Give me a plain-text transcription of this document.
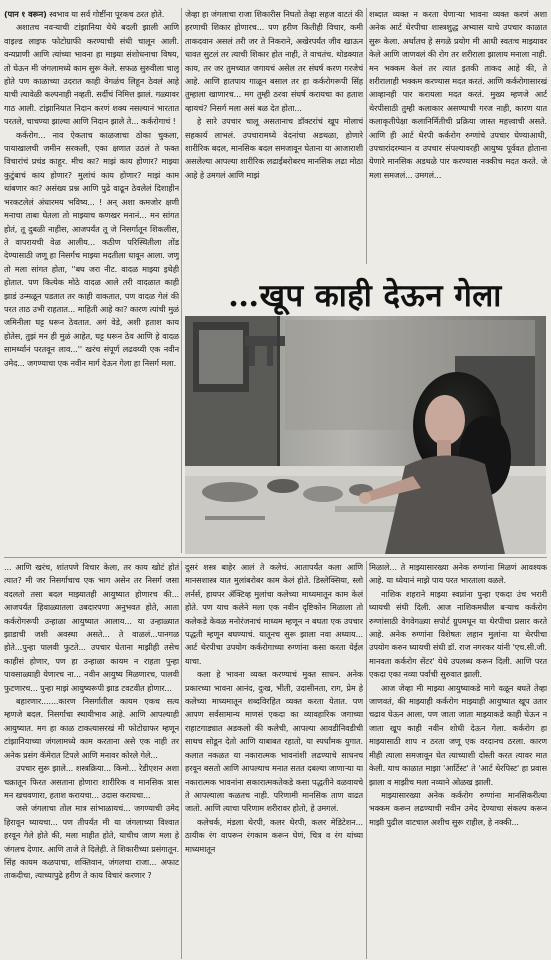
(पान १ वरून) स्वभाव या सर्व गोष्टींना पूरकच ठरत होते.

अशातच नवऱ्याची टांझानिया येथे बदली झाली आणि वाइल्ड लाइफ फोटोग्राफी करण्याची संधी चालून आली. वन्यप्राणी आणि त्यांच्या भावना हा माझ्या संशोधनाचा विषय, तो घेऊन मी जंगलामध्ये काम सुरू केले. सफळ सुरुवीला चालू होते पण काळाच्या उदरात काही वेगळंच लिहून ठेवलं आहे याची त्यावेळी कल्पनाही नव्हती. सर्दीचं निमित्त झालं. गळ्यावर गाठ आली. टांझानियात निदान करणं शक्य नसल्यानं भारतात परतले, चाचण्या झाल्या आणि निदान झाले ते... कर्करोगाचं !

कर्करोग... नाव ऐकताच काळजाचा ठोका चुकला, पायाखालची जमीन सरकली, एका क्षणात उठलं ते फक्त विचारांचं प्रचंड काहूर. मीच का? माझं काय होणार? माझ्या कुटुंबाचं काय होणार? मुलांचं काय होणार? माझं काम थांबणार का? असंख्य प्रश्न आणि पुढे वाढून ठेवलेलं दिशाहीन भरकटलेलं अंधारमय भविष्य... ! अन् अशा कमजोर क्षणी मनाचा ताबा घेतला तो माझ्याच कणखर मनानं... मन सांगत होतं, तू दुबळी नाहीस, आजपर्यंत तू जे निसर्गातून शिकलीस, ते वापरायची वेळ आलीय... कठीण परिस्थितीला तोंड देण्यासाठी जणू हा निसर्गच माझ्या मदतीला धावून आला. जणू तो मला सांगत होता, ''बघ जरा नीट. वादळ माझ्या इथेही होतात. पण कित्येक मोठे वादळ आले तरी वादळात काही झाडं उन्मळून पडतात तर काही वाकतात, पण वादळ गेलं की परत ताठ उभी राहतात... माहिती आहे का? कारण त्यांची मुळं जमिनीला घट्ट धरून ठेवतात. अगं वेडे, अशी हताश काय होतेस, तुझं मन ही मुळं आहेत, घट्ट धरून ठेव आणि हे वादळ सामर्थ्यानं परतवून लाव...'' खरंच संपूर्ण लढवय्यी एक नवीन उमेद... जगण्याचा एक नवीन मार्ग देऊन गेला हा निसर्ग मला.

जेव्हा हा जंगलाचा राजा शिकारीस निघतो तेव्हा सहज वाटतं की हरणाची शिकार होणारच... पण हरीण कितीही विचार, कमी ताकदवान असलं तरी जर ते निकराने, अखेरपर्यंत जीव खाऊन धावत सुटलं तर त्याची शिकार होत नाही, ते वाचतंच. थोडक्यात काय, तर जर तुमच्यात जगायचं असेल तर संघर्ष करण गरजेचं आहे. आणि हातपाय गाळून बसाल तर हा कर्करोगरूपी सिंह तुम्हाला खाणारच... मग तुम्ही ठरवा संघर्ष करायचा का हताश व्हायचं? निसर्ग मला असं बळ देत होता...

हे सारे उपचार चालू असतानाच डॉक्टरांचं खूप मोलाचं सहकार्य लाभलं. उपचारामध्ये वेदनांचा अडथळा, होणारे शारीरिक बदल, मानसिक बदल समजावून घेताना या आजाराशी असलेल्या आपल्या शारीरिक लढाईबरोबरच मानसिक लढा मोठा आहे हे उमगलं आणि माझं

शब्दात व्यक्त न करता येणाऱ्या भावना व्यक्त करणं अशा अनेक आर्ट थेरपीचा शास्त्रशुद्ध अभ्यास याचे उपचार काळात सुरू केला. अर्थातच हे सगळे प्रयोग मी आधी स्वतःच माझ्यावर केले आणि जाणवलं की रोग तर शरीराला झालाय मनाला नाही. मन भक्कम केलं तर त्यात इतकी ताकद आहे की, ते शरीरालाही भक्कम करण्यास मदत करतं. आणि कर्करोगासारखं आव्हानही पार करायला मदत करतं. मुख्य म्हणजे आर्ट थेरपीसाठी तुम्ही कलाकार असण्याची गरज नाही, कारण यात कलाकृतीपेक्षा कलानिर्मितीची प्रक्रिया जास्त महत्त्वाची असते. आणि ही आर्ट थेरपी कर्करोग रुग्णांचे उपचार घेण्याआधी, उपचारांदरम्यान व उपचार संपल्यावरही आयुष्य पूर्ववत होताना येणारे मानसिक अडथळे पार करण्यास नक्कीच मदत करते. जे मला समजलं... उमगलं...

…खूप काही देऊन गेला

... आणि खरंच, शांतपणे विचार केला, तर काय खोटं होतं त्यात? मी जर निसर्गाचाच एक भाग असेन तर निसर्ग जसा वदलतो तसा बदल माझ्यातही आयुष्यात होणारच की... आजपर्यंत हिवाळ्यातला उबदारपणा अनुभवत होते, आता कर्करोगरूपी उन्हाळा आयुष्यात आलाय... या उन्हाळ्यात झाडाची जशी अवस्था असते... ते वाळलं...पानगळ होते...पुन्हा पालवी फुटते... उपचार घेताना माझीही तसेच काहीसं होणार, पण हा उन्हाळा कायम न राहता पुन्हा पावसाळ्याही येणारच ना... नवीन आयुष्य मिळणारच, पालवी फुटणारच... पुन्हा माझं आयुष्यरूपी झाड टवटवीत होणार...

बहारणार.......कारण निसर्गातील कायम एकच सत्य म्हणजे बदल. निसर्गाचा स्थायीभाव आहे. आणि आपल्याही आयुष्यात. मग हा काळ टाकत्यासरखं मी फोटोग्राफर म्हणून टांझानियाच्या जंगलामध्ये काम करताना असे एक नाही तर अनेक प्रसंग कॅमेरात टिपले आणि मनावर कोरले गेले...

उपचार सुरू झाले... शस्त्रक्रिया... किमो... रेडीएशन अशा चक्रातून फिरत असताना होणारा शारीरिक व मानसिक त्रास मन खचवणारा, हताश करायचा... उदास करायचा...

जसे जंगलाचा तोल मात्र सांभाळायचं... जगण्याची उमेद हिरावून घ्यायचा... पण तीपर्यंत मी या जंगलाच्या विश्वात हरवून गेले होते की, मला माहीत होते, याचीच जाण मला हे जंगलच देणार. आणि ताजे ते दिलेही. ते शिकारीच्या प्रसंगातून. सिंह कायम कळपाचा, शक्तिवान, जंगलचा राजा... अफाट ताकदीचा, त्याच्यापुढे हरीण ते काय विचारं करणार ?

दुसरं शस्त्र बाहेर आलं ते कलेचं. आतापर्यंत कला आणि मानसशास्त्र यात मुलांबरोबर काम केलं होते. डिस्लेक्सिया, स्लो लर्नर्स, हायपर ॲक्टिव्ह मुलांचा कलेच्या माध्यमातून काम केलं होते. पण याच कलेने मला एक नवीन दृष्टिकोन मिळाला तो कलेकडे केवळ मनोरंजनाचं माध्यम म्हणून न बघता एक उपचार पद्धती म्हणून बघण्याचं. यातूनच सुरू झाला नवा अध्याय... आर्ट थेरपीचा उपयोग कर्करोगाच्या रुग्णांना कसा करता येईल याचा.

कला हे भावना व्यक्त करण्याचं मुक्त साधन. अनेक प्रकारच्या भावना आनंद, दुःख, भीती, उदासीनता, राग, प्रेम हे कलेच्या माध्यमातून शब्दविरहित व्यक्त करता येतात. पण आपण सर्वसामान्य माणसं एकदा का व्यावहारिक जगाच्या राहाटगाड्यात अडकलो की कलेची, आपल्या आवडीनिवडीची साथच सोडून देतो आणि याबाबत रहातो, या स्पर्धांमक युगात. कलात नकळत या नकारात्मक भावनांशी लढण्याचे साधनच हरवून बसतो आणि आपल्याच मनात सतत दबल्या जाणाऱ्या या नकारात्मक भावनांना सकारात्मकतेकडे कसा पद्धतीने वळवायचे ते आपल्याला कळतच नाही. परिणामी मानसिक ताण वाढत जातो. आणि त्याचा परिणाम शरीरावर होतो, हे उमगलं.

कलेचर्क, मंडला थेरपी, कलर थेरपी, कलर मेडिटेशन... ठायीक रंग वापरून रंगकाम करून घेणं, चित्र व रंग यांच्या माध्यमातून

मिळाले... ते माझ्यासारख्या अनेक रुग्णांना मिळणं आवश्यक आहे. या ध्येयानं माझे पाय परत भारताला वळले.

नाशिक शहराने माझ्या स्वप्नांना पुन्हा एकदा उंच भरारी घ्यायची संधी दिली. आज नाशिकमधील बऱ्याच कर्करोग रुग्णांसाठी वेगवेगळ्या सपोर्ट ग्रुपमधून या थेरपीचा प्रसार करते आहे. अनेक रुग्णांना विशेषतः लहान मुलांना या थेरपीचा उपयोग करुन घ्यायची संधी डॉ. राज नगरकर यांनी 'एच.सी.जी. मानवता कर्करोग सेंटर' येथे उपलब्ध करून दिली. आणि परत एकदा एका नव्या पर्वाची सुरुवात झाली.

आज जेव्हा मी माझ्या आयुष्याकडे मागे वळून बघते तेव्हा जाणवतं, की माझ्याही कर्करोग माझ्याही आयुष्यात खूप उतार चढाव घेऊन आला, पण जाता जाता माझ्याकडे काही घेऊन न जाता खूप काही नवीन शोधी देऊन गेला. कर्करोग हा माझ्यासाठी शाप न ठरता जणू एक वरदानच ठरला. कारण मीही त्याला समजावून घेत त्याच्याशी दोस्ती करत त्यावर मात केली. याच काळात माझा 'आर्टिस्ट' ते 'आर्ट थेरपिस्ट' हा प्रवास झाला व माझीच मला नव्याने ओळख झाली.

माझ्यासारख्या अनेक कर्करोग रुग्णांना मानसिकरीत्या भक्कम करून लढण्याची नवीन उमेद देण्याचा संकल्प करून माझी पुढील वाटचाल अशीच सुरू राहील, हे नक्की...
